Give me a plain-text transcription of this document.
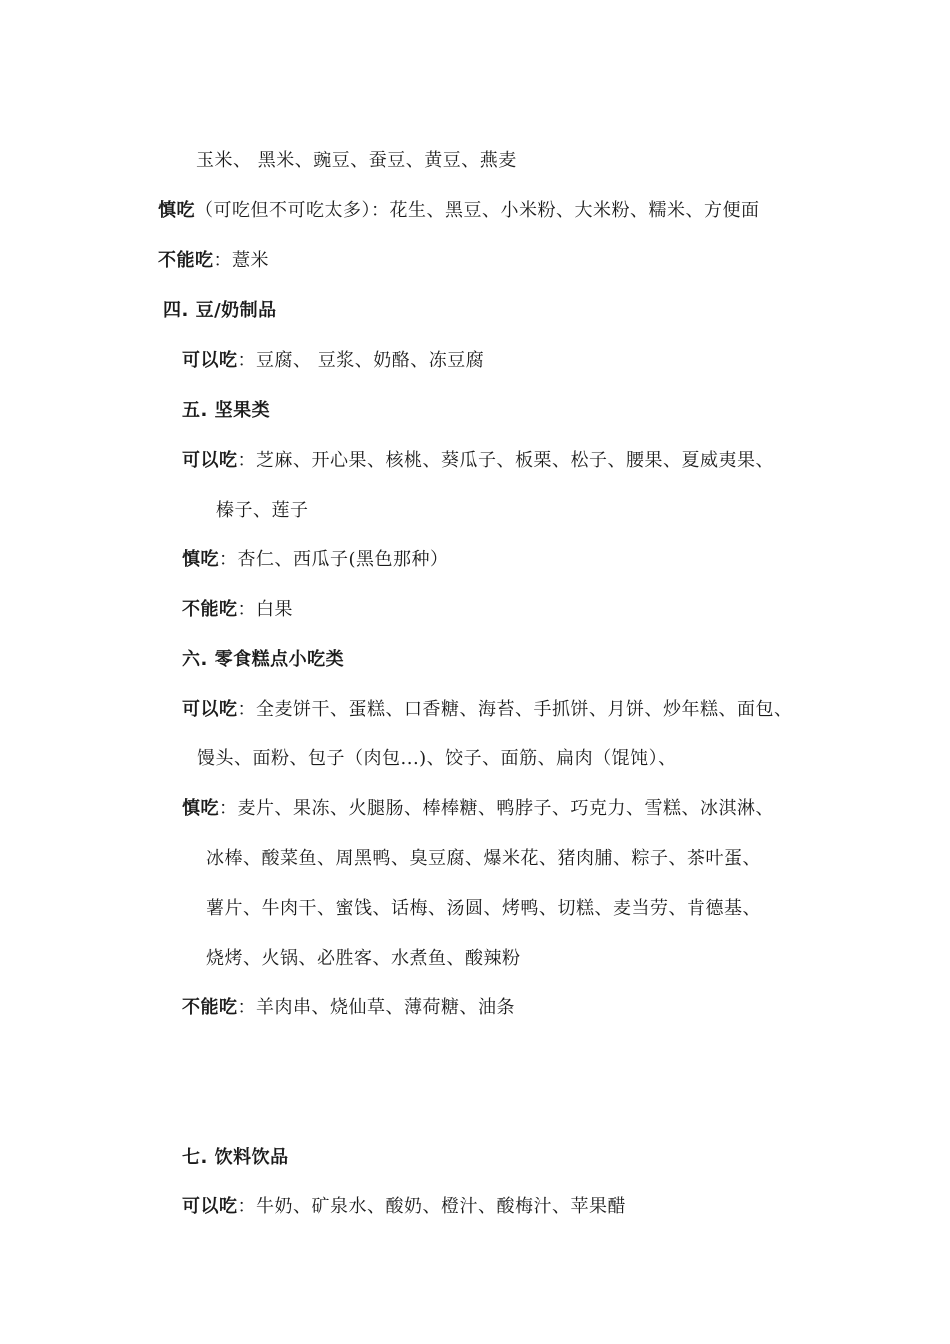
玉米、 黑米、豌豆、蚕豆、黄豆、燕麦
慎吃（可吃但不可吃太多）：花生、黑豆、小米粉、大米粉、糯米、方便面
不能吃：薏米
四. 豆/奶制品
可以吃：豆腐、 豆浆、奶酪、冻豆腐
五. 坚果类
可以吃：芝麻、开心果、核桃、葵瓜子、板栗、松子、腰果、夏威夷果、
榛子、莲子
慎吃：杏仁、西瓜子(黑色那种）
不能吃：白果
六. 零食糕点小吃类
可以吃：全麦饼干、蛋糕、口香糖、海苔、手抓饼、月饼、炒年糕、面包、
馒头、面粉、包子（肉包...)、饺子、面筋、扁肉（馄饨）、
慎吃：麦片、果冻、火腿肠、棒棒糖、鸭脖子、巧克力、雪糕、冰淇淋、
冰棒、酸菜鱼、周黑鸭、臭豆腐、爆米花、猪肉脯、粽子、茶叶蛋、
薯片、牛肉干、蜜饯、话梅、汤圆、烤鸭、切糕、麦当劳、肯德基、
烧烤、火锅、必胜客、水煮鱼、酸辣粉
不能吃：羊肉串、烧仙草、薄荷糖、油条
七. 饮料饮品
可以吃：牛奶、矿泉水、酸奶、橙汁、酸梅汁、苹果醋
